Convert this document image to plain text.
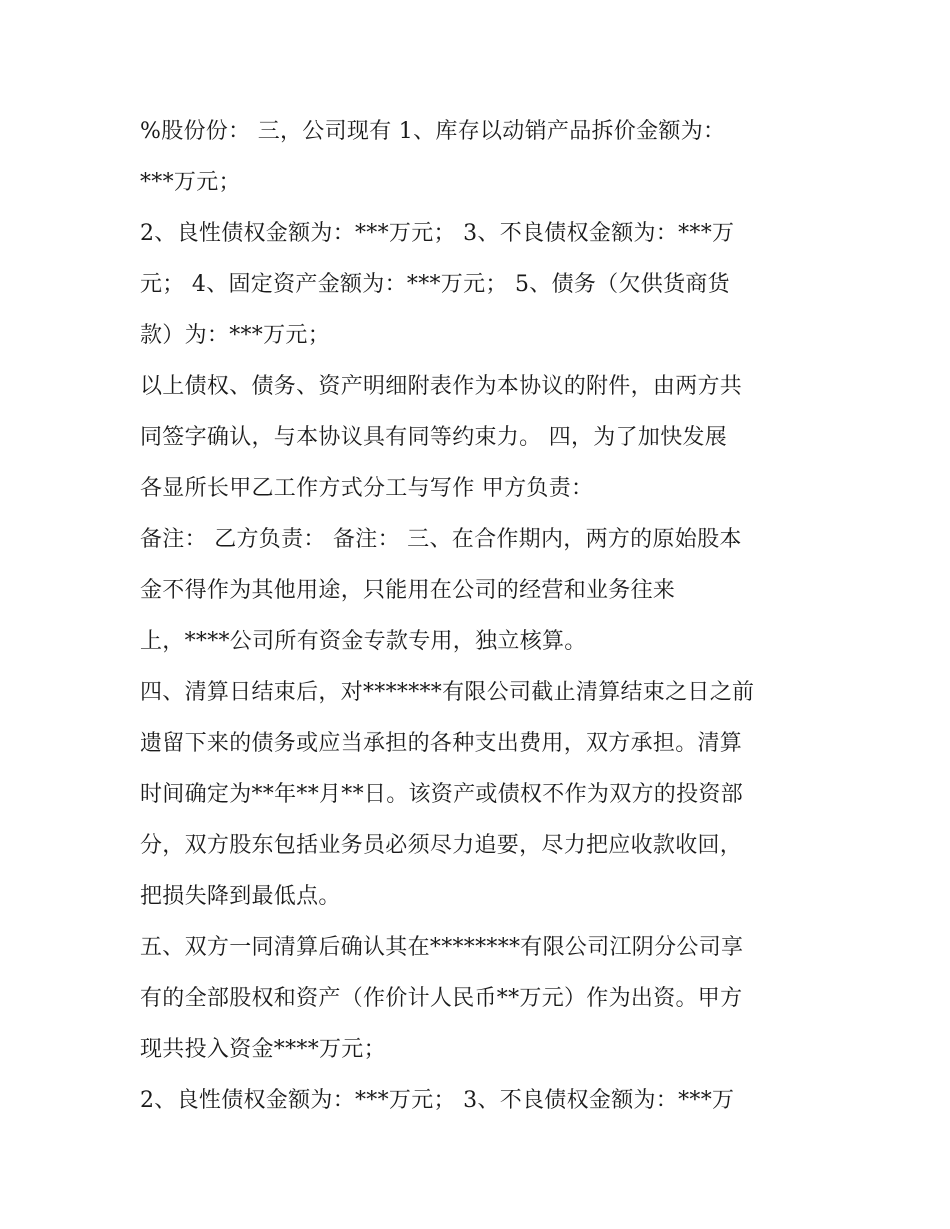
%股份份： 三，公司现有 1、库存以动销产品拆价金额为：
***万元；
2、良性债权金额为：***万元； 3、不良债权金额为：***万
元； 4、固定资产金额为：***万元； 5、债务（欠供货商货
款）为：***万元；
以上债权、债务、资产明细附表作为本协议的附件，由两方共
同签字确认，与本协议具有同等约束力。 四，为了加快发展
各显所长甲乙工作方式分工与写作 甲方负责：
备注： 乙方负责： 备注： 三、在合作期内，两方的原始股本
金不得作为其他用途，只能用在公司的经营和业务往来
上，****公司所有资金专款专用，独立核算。
四、清算日结束后，对*******有限公司截止清算结束之日之前
遗留下来的债务或应当承担的各种支出费用，双方承担。清算
时间确定为**年**月**日。该资产或债权不作为双方的投资部
分，双方股东包括业务员必须尽力追要，尽力把应收款收回，
把损失降到最低点。
五、双方一同清算后确认其在********有限公司江阴分公司享
有的全部股权和资产（作价计人民币**万元）作为出资。甲方
现共投入资金****万元；
2、良性债权金额为：***万元； 3、不良债权金额为：***万
